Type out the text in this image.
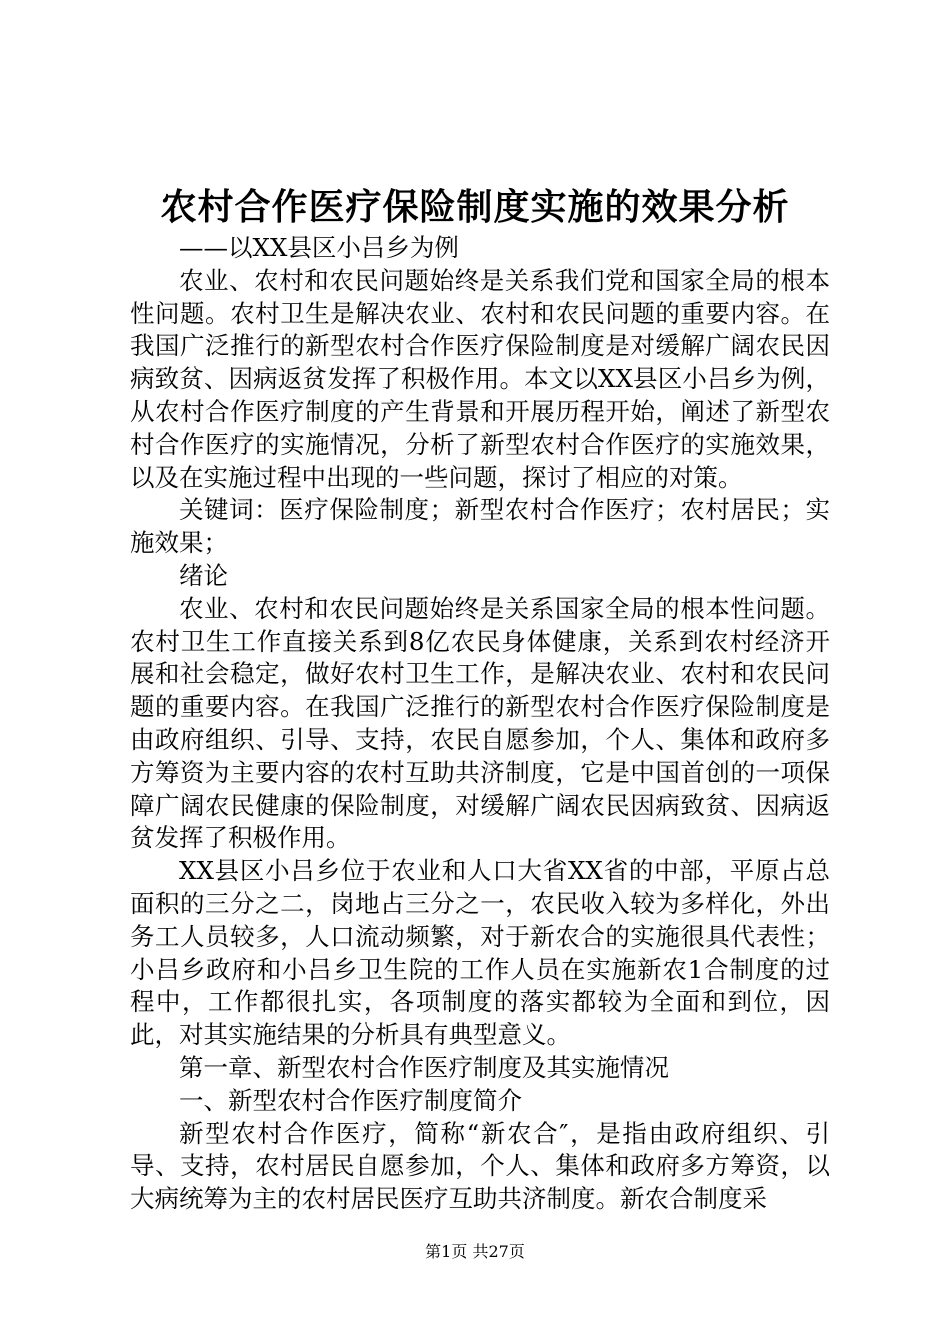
农村合作医疗保险制度实施的效果分析

——以XX县区小吕乡为例

农业、农村和农民问题始终是关系我们党和国家全局的根本性问题。农村卫生是解决农业、农村和农民问题的重要内容。在我国广泛推行的新型农村合作医疗保险制度是对缓解广阔农民因病致贫、因病返贫发挥了积极作用。本文以XX县区小吕乡为例，从农村合作医疗制度的产生背景和开展历程开始，阐述了新型农村合作医疗的实施情况，分析了新型农村合作医疗的实施效果，以及在实施过程中出现的一些问题，探讨了相应的对策。

关键词：医疗保险制度；新型农村合作医疗；农村居民；实施效果；

绪论

农业、农村和农民问题始终是关系国家全局的根本性问题。农村卫生工作直接关系到8亿农民身体健康，关系到农村经济开展和社会稳定，做好农村卫生工作，是解决农业、农村和农民问题的重要内容。在我国广泛推行的新型农村合作医疗保险制度是由政府组织、引导、支持，农民自愿参加，个人、集体和政府多方筹资为主要内容的农村互助共济制度，它是中国首创的一项保障广阔农民健康的保险制度，对缓解广阔农民因病致贫、因病返贫发挥了积极作用。

XX县区小吕乡位于农业和人口大省XX省的中部，平原占总面积的三分之二，岗地占三分之一，农民收入较为多样化，外出务工人员较多，人口流动频繁，对于新农合的实施很具代表性；小吕乡政府和小吕乡卫生院的工作人员在实施新农1合制度的过程中，工作都很扎实，各项制度的落实都较为全面和到位，因此，对其实施结果的分析具有典型意义。

第一章、新型农村合作医疗制度及其实施情况

一、新型农村合作医疗制度简介

新型农村合作医疗，简称“新农合″，是指由政府组织、引导、支持，农村居民自愿参加，个人、集体和政府多方筹资，以大病统筹为主的农村居民医疗互助共济制度。新农合制度采

第1页 共27页
